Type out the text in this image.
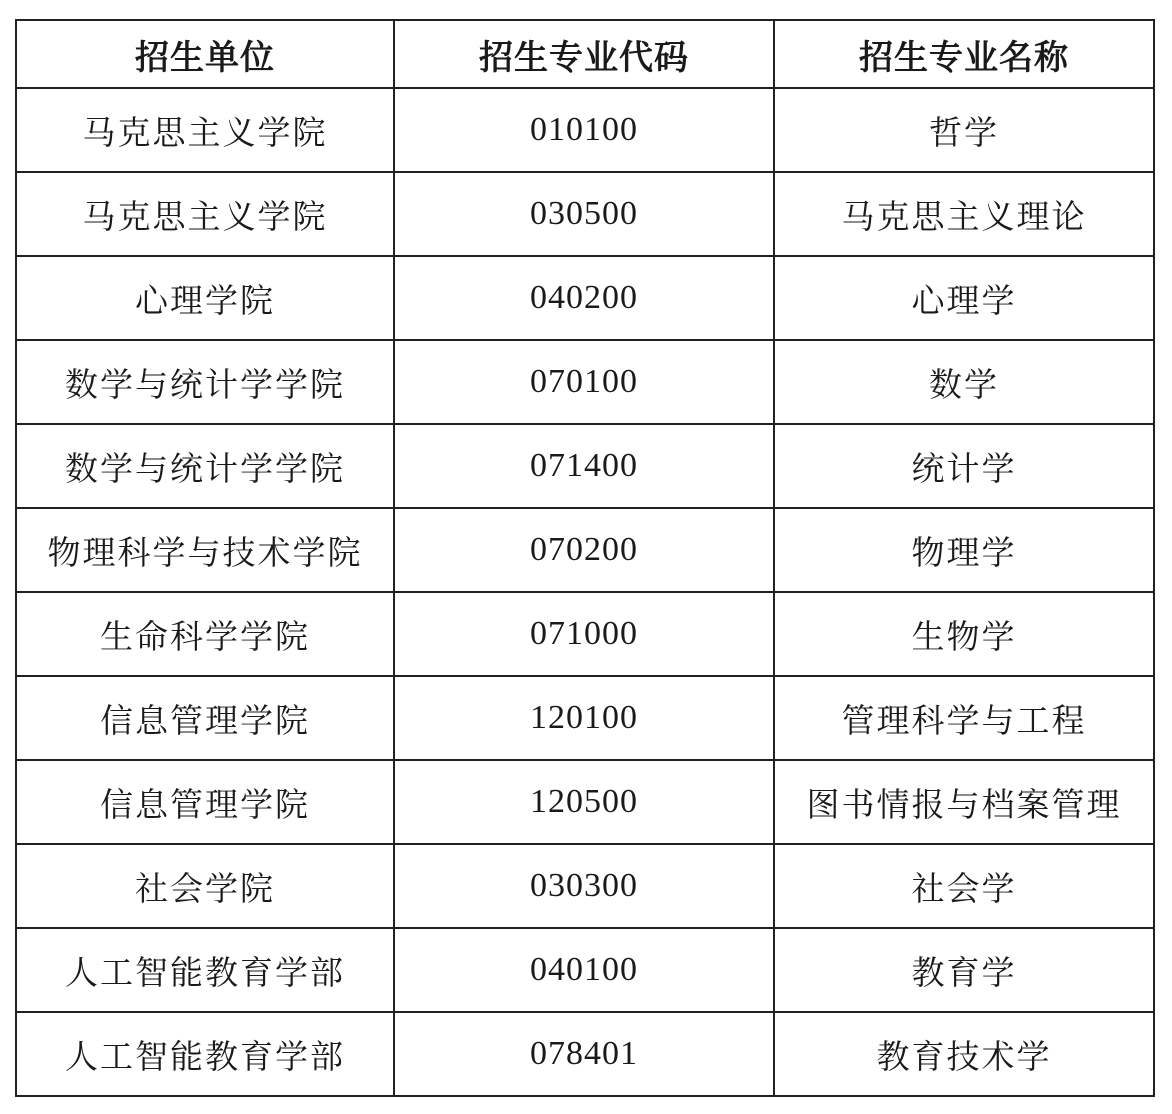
招生单位	招生专业代码	招生专业名称
马克思主义学院	010100	哲学
马克思主义学院	030500	马克思主义理论
心理学院	040200	心理学
数学与统计学学院	070100	数学
数学与统计学学院	071400	统计学
物理科学与技术学院	070200	物理学
生命科学学院	071000	生物学
信息管理学院	120100	管理科学与工程
信息管理学院	120500	图书情报与档案管理
社会学院	030300	社会学
人工智能教育学部	040100	教育学
人工智能教育学部	078401	教育技术学
